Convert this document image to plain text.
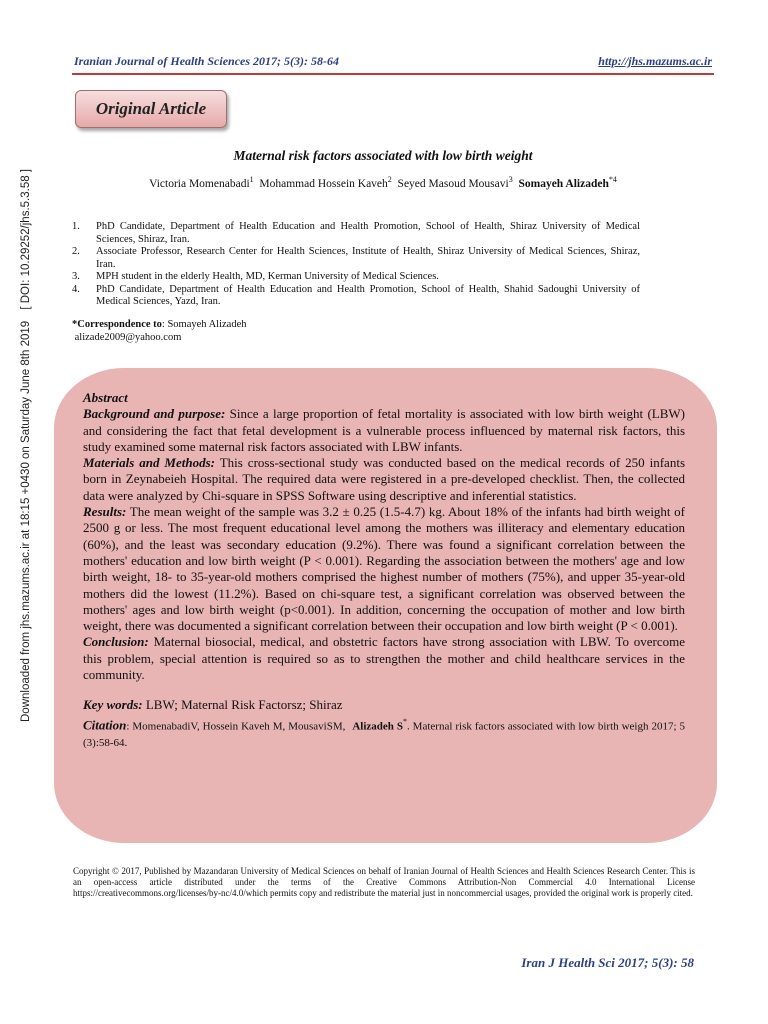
Downloaded from jhs.mazums.ac.ir at 18:15 +0430 on Saturday June 8th 2019 [ DOI: 10.29252/jhs.5.3.58 ]
Iranian Journal of Health Sciences 2017; 5(3): 58-64	http://jhs.mazums.ac.ir
Original Article
Maternal risk factors associated with low birth weight
Victoria Momenabadi$^1$ Mohammad Hossein Kaveh$^2$ Seyed Masoud Mousavi$^3$ Somayeh Alizadeh$^{*4}$
1.	PhD Candidate, Department of Health Education and Health Promotion, School of Health, Shiraz University of Medical Sciences, Shiraz, Iran.
2.	Associate Professor, Research Center for Health Sciences, Institute of Health, Shiraz University of Medical Sciences, Shiraz, Iran.
3.	MPH student in the elderly Health, MD, Kerman University of Medical Sciences.
4.	PhD Candidate, Department of Health Education and Health Promotion, School of Health, Shahid Sadoughi University of Medical Sciences, Yazd, Iran.
*Correspondence to: Somayeh Alizadeh
alizade2009@yahoo.com

Abstract

Background and purpose: Since a large proportion of fetal mortality is associated with low birth weight (LBW) and considering the fact that fetal development is a vulnerable process influenced by maternal risk factors, this study examined some maternal risk factors associated with LBW infants.

Materials and Methods: This cross-sectional study was conducted based on the medical records of 250 infants born in Zeynabeieh Hospital. The required data were registered in a pre-developed checklist. Then, the collected data were analyzed by Chi-square in SPSS Software using descriptive and inferential statistics.

Results: The mean weight of the sample was 3.2 ± 0.25 (1.5-4.7) kg. About 18% of the infants had birth weight of 2500 g or less. The most frequent educational level among the mothers was illiteracy and elementary education (60%), and the least was secondary education (9.2%). There was found a significant correlation between the mothers' education and low birth weight (P < 0.001). Regarding the association between the mothers' age and low birth weight, 18- to 35-year-old mothers comprised the highest number of mothers (75%), and upper 35-year-old mothers did the lowest (11.2%). Based on chi-square test, a significant correlation was observed between the mothers' ages and low birth weight (p<0.001). In addition, concerning the occupation of mother and low birth weight, there was documented a significant correlation between their occupation and low birth weight (P < 0.001).

Conclusion: Maternal biosocial, medical, and obstetric factors have strong association with LBW. To overcome this problem, special attention is required so as to strengthen the mother and child healthcare services in the community.

Key words: LBW; Maternal Risk Factorsz; Shiraz

Citation: MomenabadiV, Hossein Kaveh M, MousaviSM, Alizadeh S*. Maternal risk factors associated with low birth weigh 2017; 5 (3):58-64.

Copyright © 2017, Published by Mazandaran University of Medical Sciences on behalf of Iranian Journal of Health Sciences and Health Sciences Research Center. This is an open-access article distributed under the terms of the Creative Commons Attribution-Non Commercial 4.0 International License https://creativecommons.org/licenses/by-nc/4.0/which permits copy and redistribute the material just in noncommercial usages, provided the original work is properly cited.
Iran J Health Sci 2017; 5(3): 58
